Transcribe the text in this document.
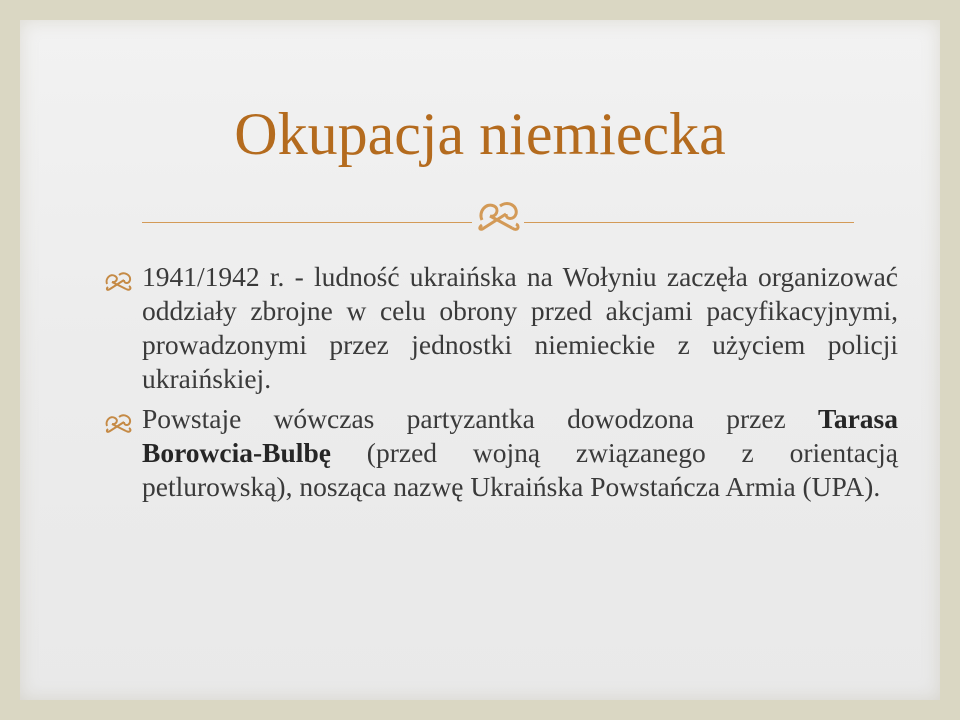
Okupacja niemiecka
1941/1942 r. - ludność ukraińska na Wołyniu zaczęła organizować oddziały zbrojne w celu obrony przed akcjami pacyfikacyjnymi, prowadzonymi przez jednostki niemieckie z użyciem policji ukraińskiej.
Powstaje wówczas partyzantka dowodzona przez Tarasa Borowcia-Bulbę (przed wojną związanego z orientacją petlurowską), nosząca nazwę Ukraińska Powstańcza Armia (UPA).
